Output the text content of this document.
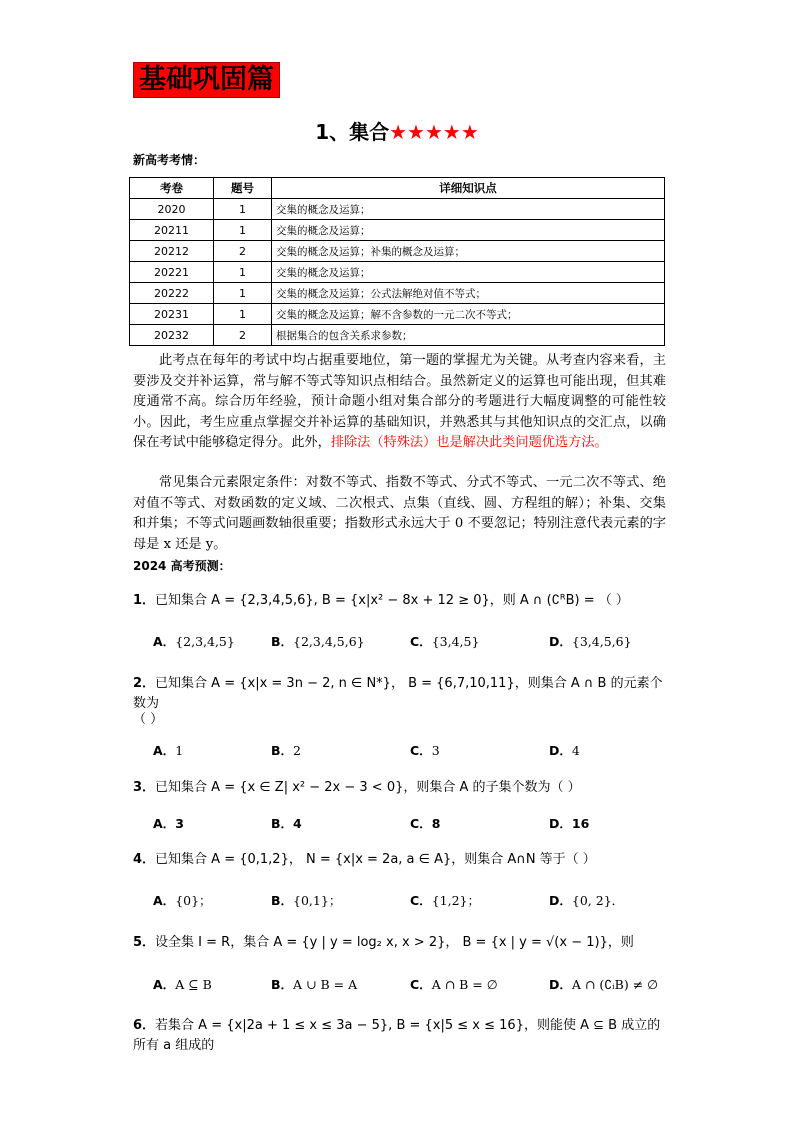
基础巩固篇
1、集合★★★★★
新高考考情：
考卷	题号	详细知识点
2020	1	交集的概念及运算；
20211	1	交集的概念及运算；
20212	2	交集的概念及运算；补集的概念及运算；
20221	1	交集的概念及运算；
20222	1	交集的概念及运算；公式法解绝对值不等式；
20231	1	交集的概念及运算；解不含参数的一元二次不等式；
20232	2	根据集合的包含关系求参数；
此考点在每年的考试中均占据重要地位，第一题的掌握尤为关键。从考查内容来看，主要涉及交并补运算，常与解不等式等知识点相结合。虽然新定义的运算也可能出现，但其难度通常不高。综合历年经验，预计命题小组对集合部分的考题进行大幅度调整的可能性较小。因此，考生应重点掌握交并补运算的基础知识，并熟悉其与其他知识点的交汇点，以确保在考试中能够稳定得分。此外，排除法（特殊法）也是解决此类问题优选方法。
常见集合元素限定条件：对数不等式、指数不等式、分式不等式、一元二次不等式、绝对值不等式、对数函数的定义域、二次根式、点集（直线、圆、方程组的解）；补集、交集和并集；不等式问题画数轴很重要；指数形式永远大于 0 不要忽记；特别注意代表元素的字母是 x 还是 y。
2024 高考预测：
1．已知集合 A = {2,3,4,5,6}, B = {x|x² − 8x + 12 ≥ 0}，则 A ∩ (∁ᴿB) = （ ）
A．{2,3,4,5}	B．{2,3,4,5,6}	C．{3,4,5}	D．{3,4,5,6}
2．已知集合 A = {x|x = 3n − 2, n ∈ N*}， B = {6,7,10,11}，则集合 A ∩ B 的元素个数为
（ ）
A．1	B．2	C．3	D．4
3．已知集合 A = {x ∈ Z| x² − 2x − 3 < 0}，则集合 A 的子集个数为（ ）
A．3	B．4	C．8	D．16
4．已知集合 A = {0,1,2}， N = {x|x = 2a, a ∈ A}，则集合 A∩N 等于（ ）
A．{0}；	B．{0,1}；	C．{1,2}；	D．{0, 2}．
5．设全集 I = R，集合 A = {y | y = log₂ x, x > 2}， B = {x | y = √(x − 1)}，则
A．A ⊆ B	B．A ∪ B = A	C．A ∩ B = ∅	D．A ∩ (∁ᵢB) ≠ ∅
6．若集合 A = {x|2a + 1 ≤ x ≤ 3a − 5}, B = {x|5 ≤ x ≤ 16}，则能使 A ⊆ B 成立的所有 a 组成的
